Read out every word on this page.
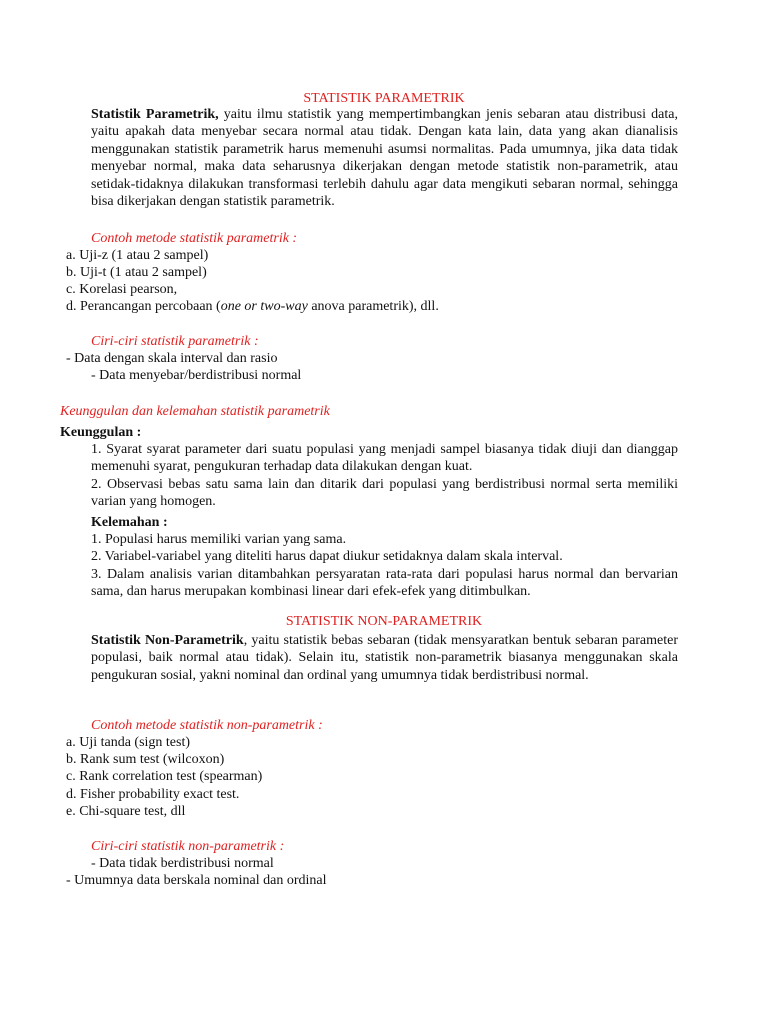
STATISTIK PARAMETRIK

Statistik Parametrik, yaitu ilmu statistik yang mempertimbangkan jenis sebaran atau distribusi data, yaitu apakah data menyebar secara normal atau tidak. Dengan kata lain, data yang akan dianalisis menggunakan statistik parametrik harus memenuhi asumsi normalitas. Pada umumnya, jika data tidak menyebar normal, maka data seharusnya dikerjakan dengan metode statistik non-parametrik, atau setidak-tidaknya dilakukan transformasi terlebih dahulu agar data mengikuti sebaran normal, sehingga bisa dikerjakan dengan statistik parametrik.

Contoh metode statistik parametrik :
a. Uji-z (1 atau 2 sampel)
b. Uji-t (1 atau 2 sampel)
c. Korelasi pearson,
d. Perancangan percobaan (one or two-way anova parametrik), dll.
Ciri-ciri statistik parametrik :
- Data dengan skala interval dan rasio
- Data menyebar/berdistribusi normal
Keunggulan dan kelemahan statistik parametrik
Keunggulan :

1. Syarat syarat parameter dari suatu populasi yang menjadi sampel biasanya tidak diuji dan dianggap memenuhi syarat, pengukuran terhadap data dilakukan dengan kuat.

2. Observasi bebas satu sama lain dan ditarik dari populasi yang berdistribusi normal serta memiliki varian yang homogen.

Kelemahan :
1. Populasi harus memiliki varian yang sama.
2. Variabel-variabel yang diteliti harus dapat diukur setidaknya dalam skala interval.

3. Dalam analisis varian ditambahkan persyaratan rata-rata dari populasi harus normal dan bervarian sama, dan harus merupakan kombinasi linear dari efek-efek yang ditimbulkan.

STATISTIK NON-PARAMETRIK

Statistik Non-Parametrik, yaitu statistik bebas sebaran (tidak mensyaratkan bentuk sebaran parameter populasi, baik normal atau tidak). Selain itu, statistik non-parametrik biasanya menggunakan skala pengukuran sosial, yakni nominal dan ordinal yang umumnya tidak berdistribusi normal.

Contoh metode statistik non-parametrik :
a. Uji tanda (sign test)
b. Rank sum test (wilcoxon)
c. Rank correlation test (spearman)
d. Fisher probability exact test.
e. Chi-square test, dll
Ciri-ciri statistik non-parametrik :
- Data tidak berdistribusi normal
- Umumnya data berskala nominal dan ordinal
